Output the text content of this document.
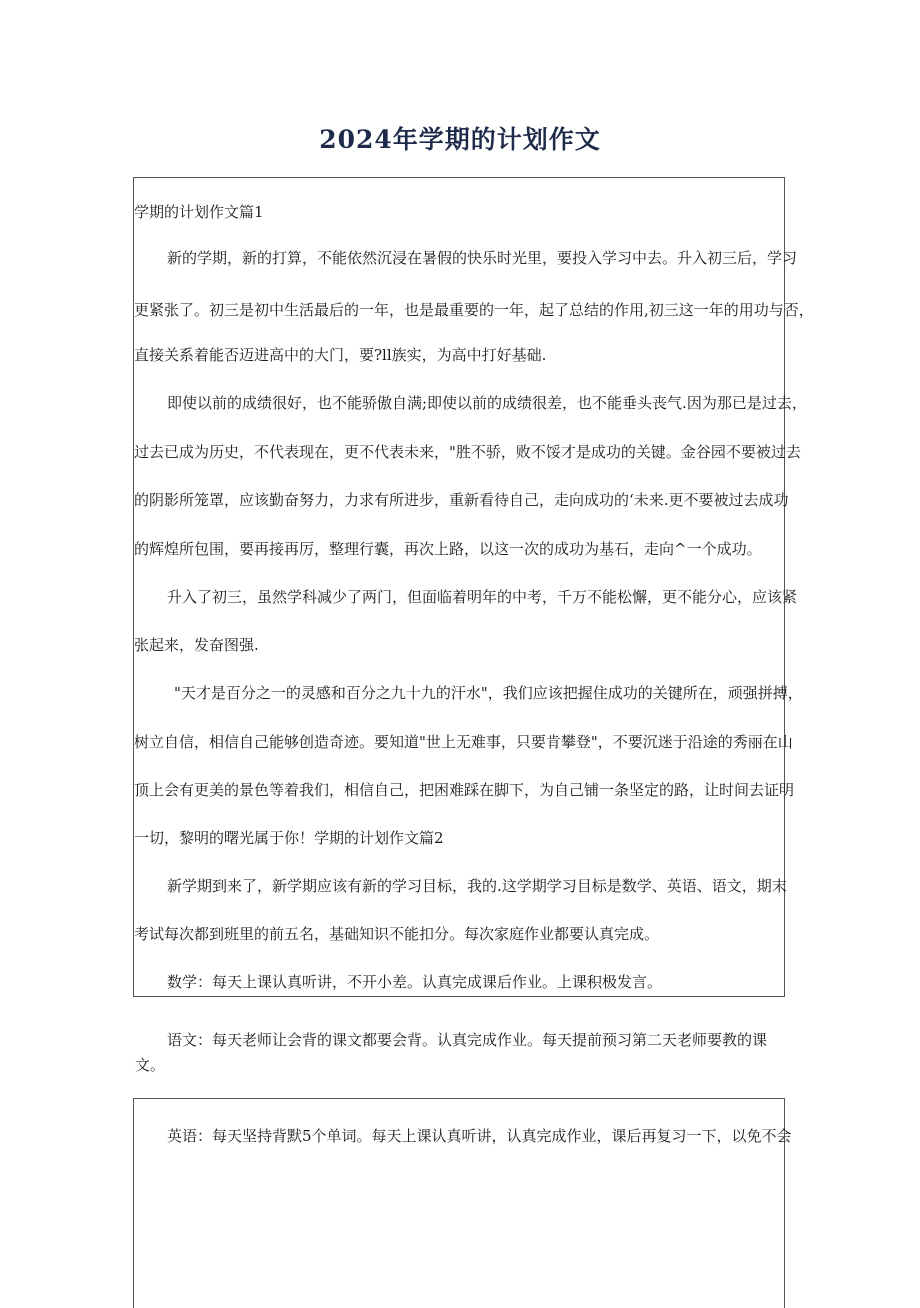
2024年学期的计划作文
学期的计划作文篇1
新的学期，新的打算，不能依然沉浸在暑假的快乐时光里，要投入学习中去。升入初三后，学习
更紧张了。初三是初中生活最后的一年，也是最重要的一年，起了总结的作用,初三这一年的用功与否，
直接关系着能否迈进高中的大门，要?ll族实，为高中打好基础.
即使以前的成绩很好，也不能骄傲自满;即使以前的成绩很差，也不能垂头丧气.因为那已是过去，
过去已成为历史，不代表现在，更不代表未来，"胜不骄，败不馁才是成功的关键。金谷园不要被过去
的阴影所笼罩，应该勤奋努力，力求有所进步，重新看待自己，走向成功的‘未来.更不要被过去成功
的辉煌所包围，要再接再厉，整理行囊，再次上路，以这一次的成功为基石，走向^一个成功。
升入了初三，虽然学科减少了两门，但面临着明年的中考，千万不能松懈，更不能分心，应该紧
张起来，发奋图强.
"天才是百分之一的灵感和百分之九十九的汗水"，我们应该把握住成功的关键所在，顽强拼搏，
树立自信，相信自己能够创造奇迹。要知道"世上无难事，只要肯攀登"，不要沉迷于沿途的秀丽在山
顶上会有更美的景色等着我们，相信自己，把困难踩在脚下，为自己铺一条坚定的路，让时间去证明
一切，黎明的曙光属于你！学期的计划作文篇2
新学期到来了，新学期应该有新的学习目标，我的.这学期学习目标是数学、英语、语文，期末
考试每次都到班里的前五名，基础知识不能扣分。每次家庭作业都要认真完成。
数学：每天上课认真听讲，不开小差。认真完成课后作业。上课积极发言。
语文：每天老师让会背的课文都要会背。认真完成作业。每天提前预习第二天老师要教的课
文。
英语：每天坚持背默5个单词。每天上课认真听讲，认真完成作业，课后再复习一下，以免不会
